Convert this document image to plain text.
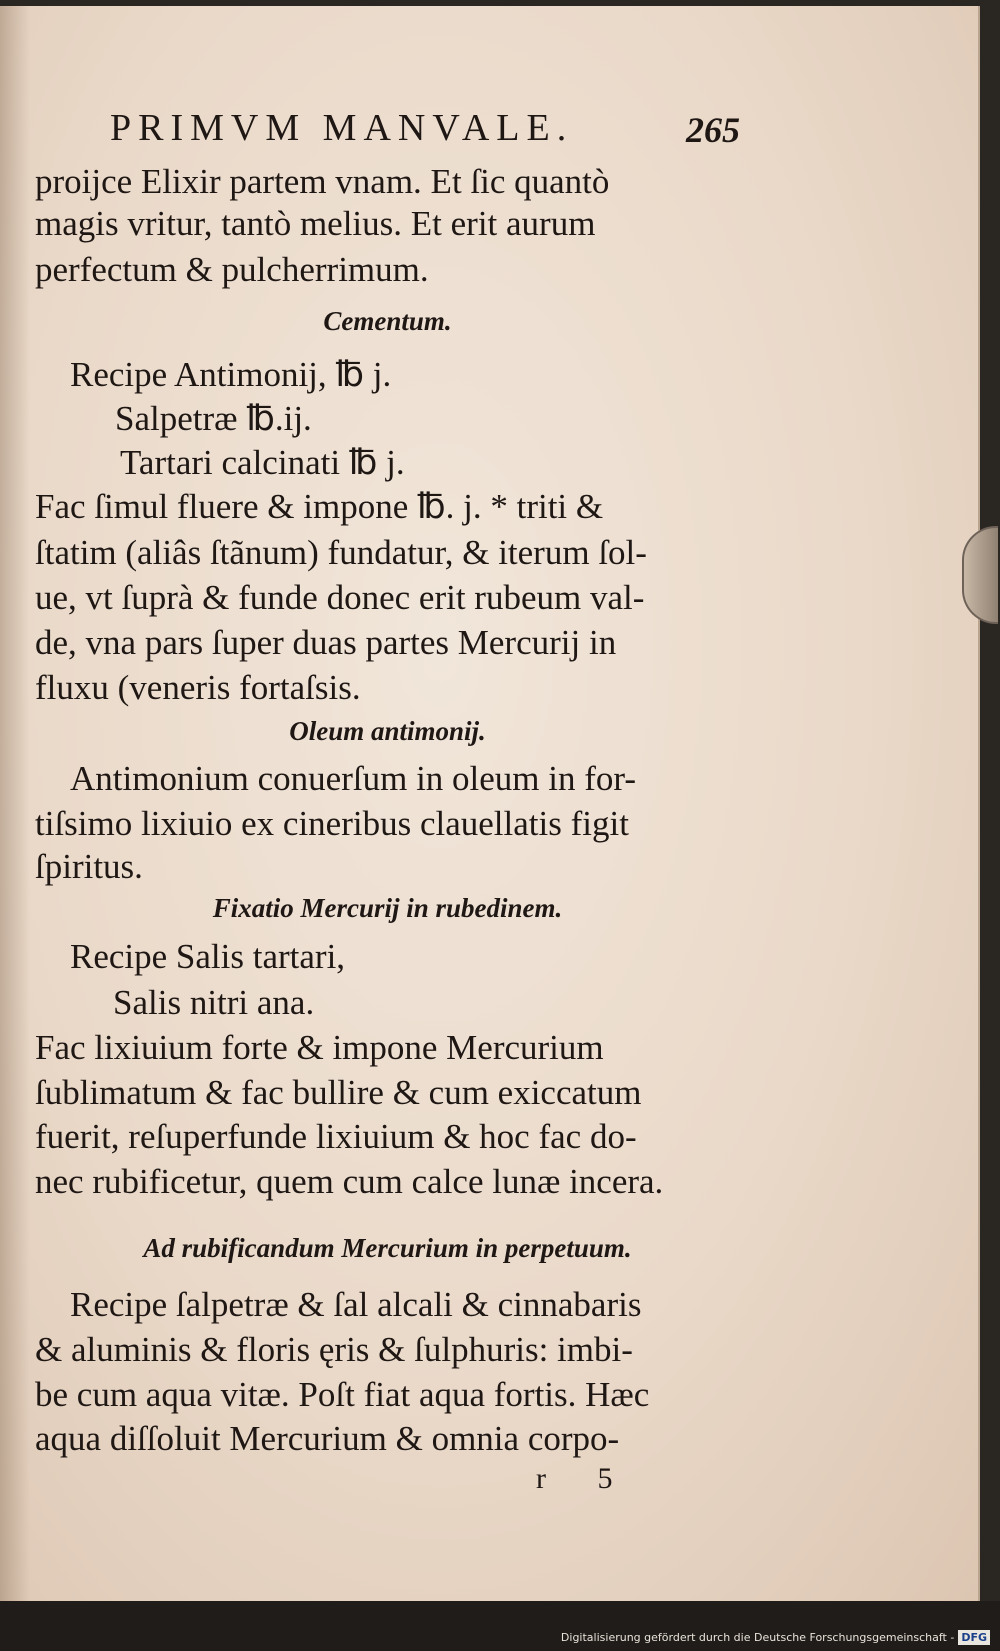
PRIMVM MANVALE.	265
proijce Elixir partem vnam. Et ſic quantò
magis vritur, tantò melius. Et erit aurum
perfectum & pulcherrimum.
Cementum.
Recipe Antimonij, ℔ j.
Salpetræ ℔.ij.
Tartari calcinati ℔ j.
Fac ſimul fluere & impone ℔. j. * triti &
ſtatim (aliâs ſtãnum) fundatur, & iterum ſol-
ue, vt ſuprà & funde donec erit rubeum val-
de, vna pars ſuper duas partes Mercurij in
fluxu (veneris fortaſsis.
Oleum antimonij.
Antimonium conuerſum in oleum in for-
tiſsimo lixiuio ex cineribus clauellatis figit
ſpiritus.
Fixatio Mercurij in rubedinem.
Recipe Salis tartari,
Salis nitri ana.
Fac lixiuium forte & impone Mercurium
ſublimatum & fac bullire & cum exiccatum
fuerit, reſuperfunde lixiuium & hoc fac do-
nec rubificetur, quem cum calce lunæ incera.
Ad rubificandum Mercurium in perpetuum.
Recipe ſalpetræ & ſal alcali & cinnabaris
& aluminis & floris ęris & ſulphuris: imbi-
be cum aqua vitæ. Poſt fiat aqua fortis. Hæc
aqua diſſoluit Mercurium & omnia corpo-
r 5
Digitalisierung gefördert durch die Deutsche Forschungsgemeinschaft - DFG
